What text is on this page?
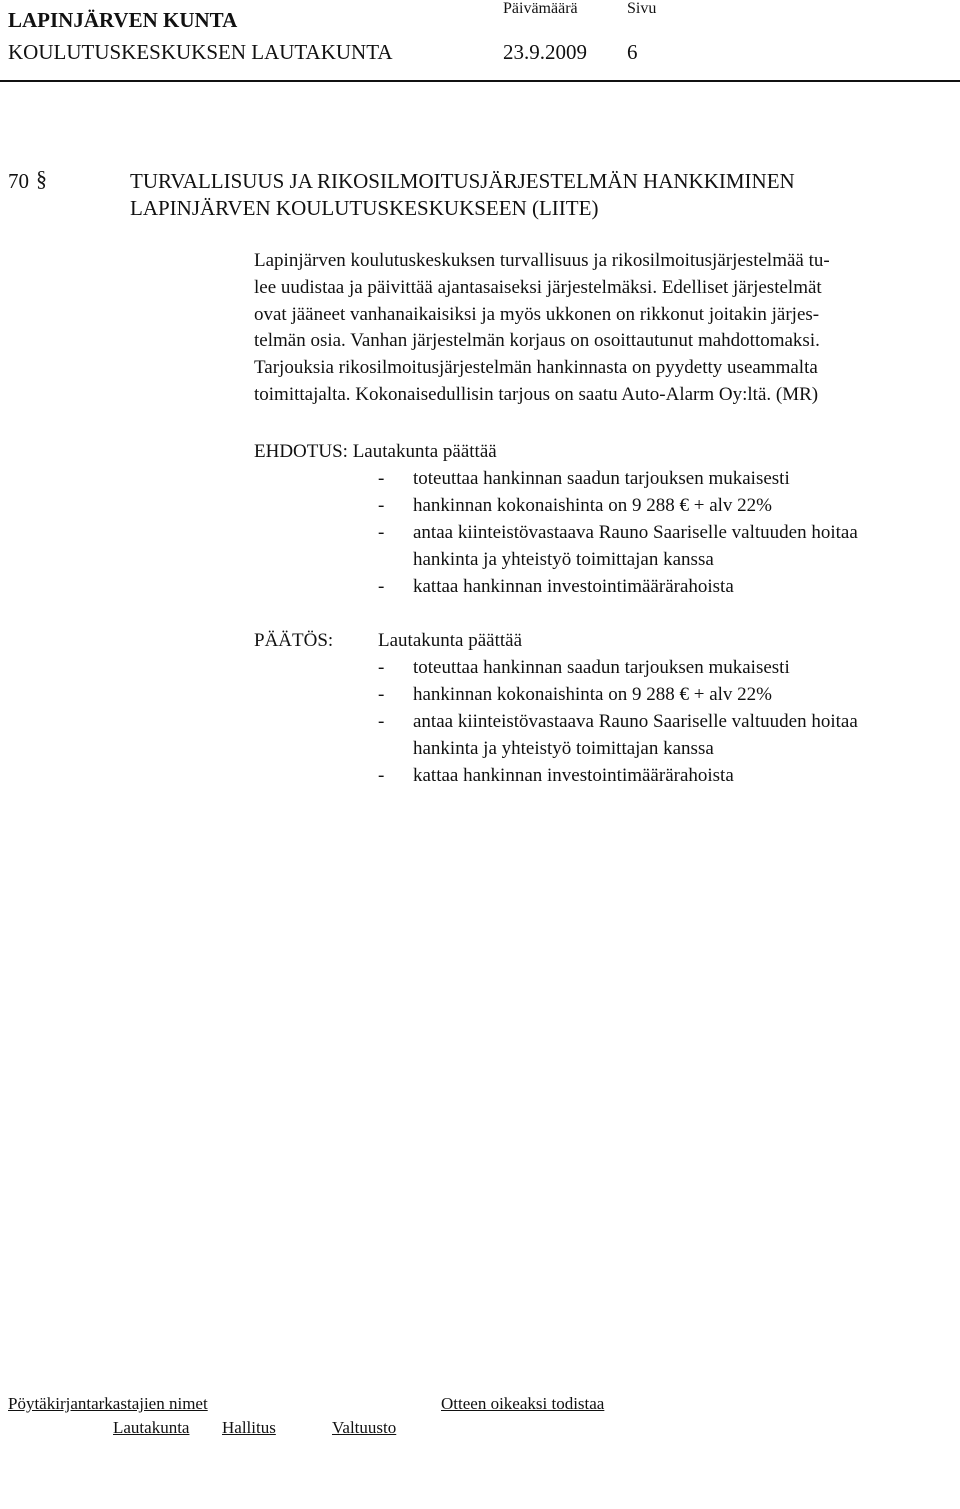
LAPINJÄRVEN KUNTA	Päivämäärä	Sivu
KOULUTUSKESKUKSEN LAUTAKUNTA	23.9.2009 6
70 §	TURVALLISUUS JA RIKOSILMOITUSJÄRJESTELMÄN HANKKIMINEN
LAPINJÄRVEN KOULUTUSKESKUKSEEN (LIITE)
Lapinjärven koulutuskeskuksen turvallisuus ja rikosilmoitusjärjestelmää tu-
lee uudistaa ja päivittää ajantasaiseksi järjestelmäksi. Edelliset järjestelmät
ovat jääneet vanhanaikaisiksi ja myös ukkonen on rikkonut joitakin järjes-
telmän osia. Vanhan järjestelmän korjaus on osoittautunut mahdottomaksi.
Tarjouksia rikosilmoitusjärjestelmän hankinnasta on pyydetty useammalta
toimittajalta. Kokonaisedullisin tarjous on saatu Auto-Alarm Oy:ltä. (MR)
EHDOTUS: Lautakunta päättää
- toteuttaa hankinnan saadun tarjouksen mukaisesti
- hankinnan kokonaishinta on 9 288 € + alv 22%
- antaa kiinteistövastaava Rauno Saariselle valtuuden hoitaa
hankinta ja yhteistyö toimittajan kanssa
- kattaa hankinnan investointimäärärahoista
PÄÄTÖS: Lautakunta päättää
- toteuttaa hankinnan saadun tarjouksen mukaisesti
- hankinnan kokonaishinta on 9 288 € + alv 22%
- antaa kiinteistövastaava Rauno Saariselle valtuuden hoitaa
hankinta ja yhteistyö toimittajan kanssa
- kattaa hankinnan investointimäärärahoista
Pöytäkirjantarkastajien nimet	Otteen oikeaksi todistaa
Lautakunta Hallitus	Valtuusto
